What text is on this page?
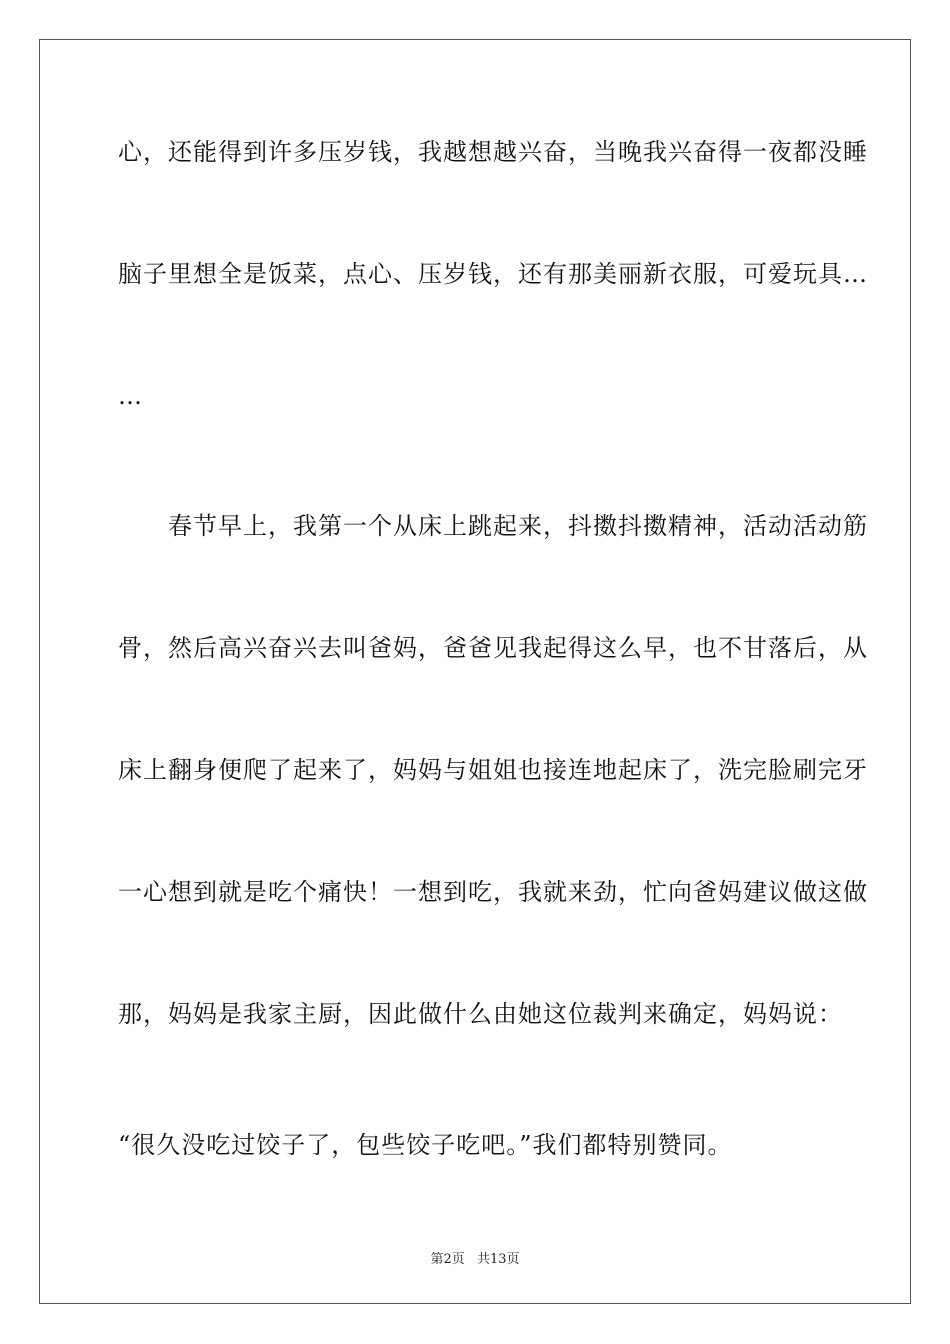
心，还能得到许多压岁钱，我越想越兴奋，当晚我兴奋得一夜都没睡
脑子里想全是饭菜，点心、压岁钱，还有那美丽新衣服，可爱玩具…
…
　　春节早上，我第一个从床上跳起来，抖擞抖擞精神，活动活动筋
骨，然后高兴奋兴去叫爸妈，爸爸见我起得这么早，也不甘落后，从
床上翻身便爬了起来了，妈妈与姐姐也接连地起床了，洗完脸刷完牙
一心想到就是吃个痛快！一想到吃，我就来劲，忙向爸妈建议做这做
那，妈妈是我家主厨，因此做什么由她这位裁判来确定，妈妈说：
“很久没吃过饺子了，包些饺子吃吧。”我们都特别赞同。
第2页 共13页
